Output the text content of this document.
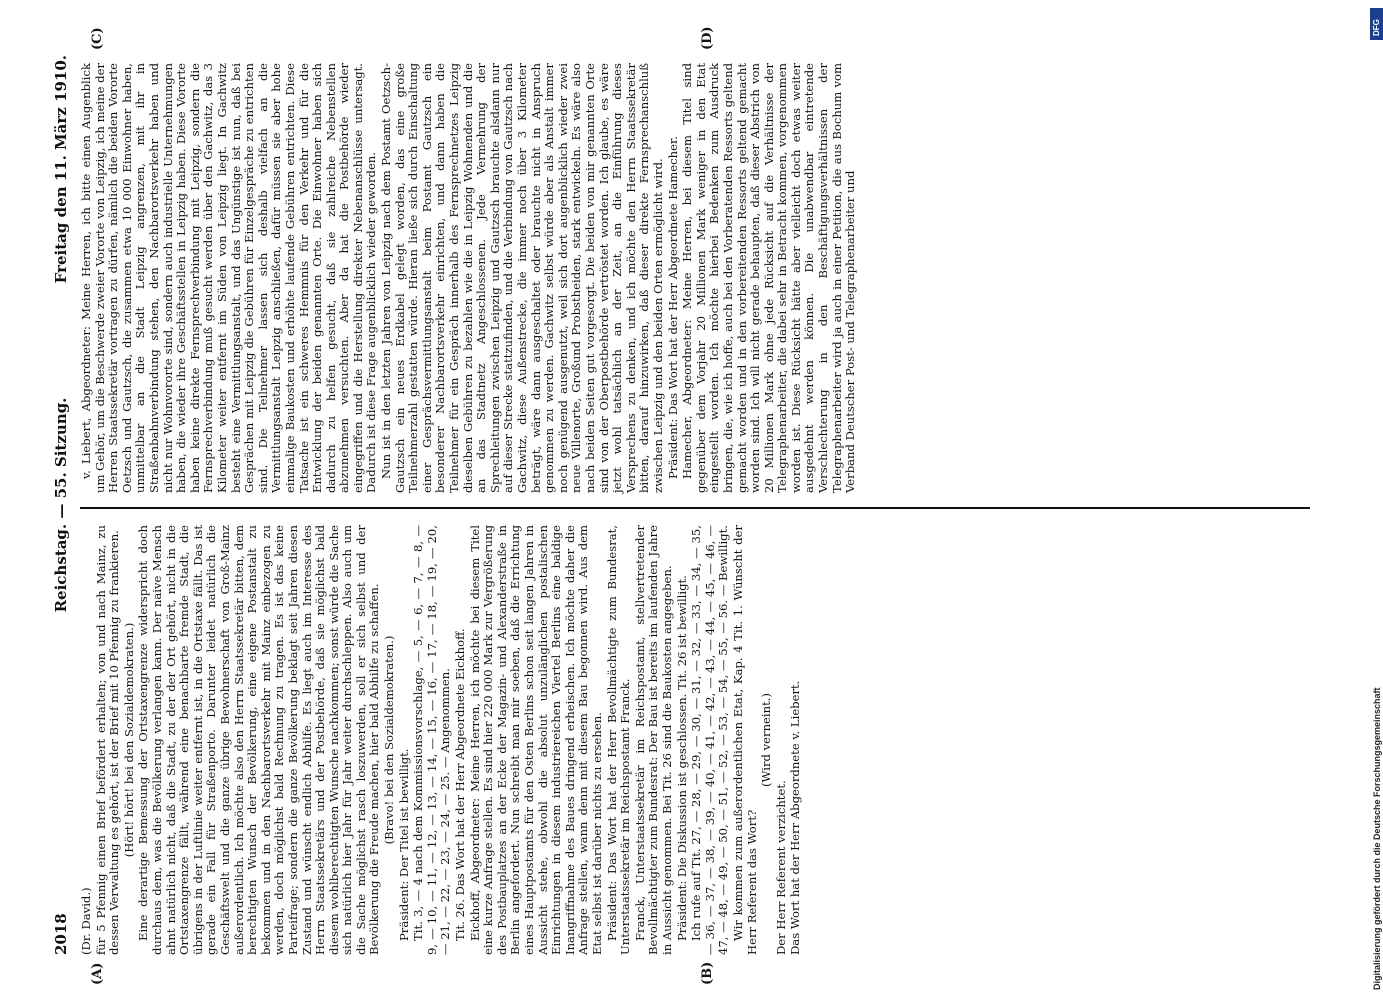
2018
Reichstag. — 55. Sitzung.
Freitag den 11. März 1910.

(Dr. David.) für 5 Pfennig einen Brief befördert erhalten; von und nach Mainz, zu dessen Verwaltung es gehört, ist der Brief mit 10 Pfennig zu frankieren. (Hört! hört! bei den Sozialdemokraten.) Eine derartige Bemessung der Ortstaxengrenze widerspricht doch durchaus dem, was die Bevölkerung verlangen kann. Der naive Mensch ahnt natürlich nicht, daß die Stadt, zu der der Ort gehört, nicht in die Ortstaxengrenze fällt, während eine benachbarte fremde Stadt, die übrigens in der Luftlinie weiter entfernt ist, in die Ortstaxe fällt. Das ist gerade ein Fall für Straßenporto. Darunter leidet natürlich die Geschäftswelt und die ganze übrige Bewohnerschaft von Groß-Mainz außerordentlich. Ich möchte also den Herrn Staatssekretär bitten, dem berechtigten Wunsch der Bevölkerung, eine eigene Postanstalt zu bekommen und in den Nachbarortsverkehr mit Mainz einbezogen zu werden, doch möglichst bald Rechnung zu tragen. Es ist das keine Parteifrage; sondern die ganze Bevölkerung beklagt seit Jahren diesen Zustand und wünscht endlich Abhilfe. Es liegt auch im Interesse des Herrn Staatssekretärs und der Postbehörde, daß sie möglichst bald diesem wohlberechtigten Wunsche nachkommen; sonst würde die Sache sich natürlich hier Jahr für Jahr weiter durchschleppen. Also auch um die Sache möglichst rasch loszuwerden, soll er sich selbst und der Bevölkerung die Freude machen, hier bald Abhilfe zu schaffen. (Bravo! bei den Sozialdemokraten.)

Präsident: Der Titel ist bewilligt. Tit. 3, — 4 nach dem Kommissionsvorschlage, — 5, — 6, — 7, — 8, — 9, — 10, — 11, — 12, — 13, — 14, — 15, — 16, — 17, — 18, — 19, — 20, — 21, — 22, — 23, — 24, — 25. — Angenommen. Tit. 26. Das Wort hat der Herr Abgeordnete Eickhoff. Eickhoff, Abgeordneter: Meine Herren, ich möchte bei diesem Titel eine kurze Anfrage stellen. Es sind hier 220 000 Mark zur Vergrößerung des Postbauplatzes an der Ecke der Magazin- und Alexanderstraße in Berlin angefordert. Nun schreibt man mir soeben, daß die Errichtung eines Hauptpostamts für den Osten Berlins schon seit langen Jahren in Aussicht stehe, obwohl die absolut unzulänglichen postalischen Einrichtungen in diesem industriereichen Viertel Berlins eine baldige Inangriffnahme des Baues dringend erheischen. Ich möchte daher die Anfrage stellen, wann denn mit diesem Bau begonnen wird. Aus dem Etat selbst ist darüber nichts zu ersehen. Präsident: Das Wort hat der Herr Bevollmächtigte zum Bundesrat, Unterstaatssekretär im Reichspostamt Franck. Franck, Unterstaatssekretär im Reichspostamt, stellvertretender Bevollmächtigter zum Bundesrat: Der Bau ist bereits im laufenden Jahre in Aussicht genommen. Bei Tit. 26 sind die Baukosten angegeben. Präsident: Die Diskussion ist geschlossen. Tit. 26 ist bewilligt. Ich rufe auf Tit. 27, — 28, — 29, — 30, — 31, — 32, — 33, — 34, — 35, — 36, — 37, — 38, — 39, — 40, — 41, — 42, — 43, — 44, — 45, — 46, — 47, — 48, — 49, — 50, — 51, — 52, — 53, — 54, — 55, — 56. — Bewilligt. Wir kommen zum außerordentlichen Etat, Kap. 4 Tit. 1. Wünscht der Herr Referent das Wort?

(Wird verneint.)

Der Herr Referent verzichtet. Das Wort hat der Herr Abgeordnete v. Liebert.

v. Liebert, Abgeordneter: Meine Herren, ich bitte einen Augenblick um Gehör, um die Beschwerde zweier Vororte von Leipzig, ich meine der Herren Staatssekretär vortragen zu dürfen, nämlich die beiden Vororte Oetzsch und Gautzsch, die zusammen etwa 10 000 Einwohner haben, unmittelbar an die Stadt Leipzig angrenzen, mit ihr in Straßenbahnverbindung stehen, den Nachbarortsverkehr haben und nicht nur Wohnvororte sind, sondern auch industrielle Unternehmungen haben, die wieder ihre Geschäftsstellen in Leipzig haben. Diese Vororte haben keine direkte Fernsprechverbindung mit Leipzig, sondern die Fernsprechverbindung muß gesucht werden über den Gachwitz, das 3 Kilometer weiter entfernt im Süden von Leipzig liegt. In Gachwitz besteht eine Vermittlungsanstalt, und das Ungünstige ist nun, daß bei Gesprächen mit Leipzig die Gebühren für Einzelgespräche zu entrichten sind. Die Teilnehmer lassen sich deshalb vielfach an die Vermittlungsanstalt Leipzig anschließen, dafür müssen sie aber hohe einmalige Baukosten und erhöhte laufende Gebühren entrichten. Diese Tatsache ist ein schweres Hemmnis für den Verkehr und für die Entwicklung der beiden genannten Orte. Die Einwohner haben sich dadurch zu helfen gesucht, daß sie zahlreiche Nebenstellen abzunehmen versuchten. Aber da hat die Postbehörde wieder eingegriffen und die Herstellung direkter Nebenanschlüsse untersagt. Dadurch ist diese Frage augenblicklich wieder geworden. Nun ist in den letzten Jahren von Leipzig nach dem Postamt Oetzsch-Gautzsch ein neues Erdkabel gelegt worden, das eine große Teilnehmerzahl gestatten würde. Hieran ließe sich durch Einschaltung einer Gesprächsvermittlungsanstalt beim Postamt Gautzsch ein besonderer Nachbarortsverkehr einrichten, und dann haben die Teilnehmer für ein Gespräch innerhalb des Fernsprechnetzes Leipzig dieselben Gebühren zu bezahlen wie die in Leipzig Wohnenden und die an das Stadtnetz Angeschlossenen. Jede Vermehrung der Sprechleitungen zwischen Leipzig und Gautzsch brauchte alsdann nur auf dieser Strecke stattzufinden, und die Verbindung von Gautzsch nach Gachwitz, diese Außenstrecke, die immer noch über 3 Kilometer beträgt, wäre dann ausgeschaltet oder brauchte nicht in Anspruch genommen zu werden. Gachwitz selbst würde aber als Anstalt immer noch genügend ausgenutzt, weil sich dort augenblicklich wieder zwei neue Villenorte, Großund Probstheiden, stark entwickeln. Es wäre also nach beiden Seiten gut vorgesorgt. Die beiden von mir genannten Orte sind von der Oberpostbehörde vertröstet worden. Ich glaube, es wäre jetzt wohl tatsächlich an der Zeit, an die Einführung dieses Versprechens zu denken, und ich möchte den Herrn Staatssekretär bitten, darauf hinzuwirken, daß dieser direkte Fernsprechanschluß zwischen Leipzig und den beiden Orten ermöglicht wird. Präsident: Das Wort hat der Herr Abgeordnete Hamecher. Hamecher, Abgeordneter: Meine Herren, bei diesem Titel sind gegenüber dem Vorjahr 20 Millionen Mark weniger in den Etat eingestellt worden. Ich möchte hierbei Bedenken zum Ausdruck bringen, die, wie ich hoffe, auch bei den Vorberatenden Ressorts geltend gemacht worden und in den vorbereitenden Ressorts geltend gemacht worden sind. Ich will nicht gerade behaupten, daß dieser Abstrich von 20 Millionen Mark ohne jede Rücksicht auf die Verhältnisse der Telegraphenarbeiter, die dabei sehr in Betracht kommen, vorgenommen worden ist. Diese Rücksicht hätte aber vielleicht doch etwas weiter ausgedehnt werden können. Die unabwendbar eintretende Verschlechterung in den Beschäftigungsverhältnissen der Telegraphenarbeiter wird ja auch in einer Petition, die aus Bochum vom Verband Deutscher Post- und Telegraphenarbeiter und

(A)	(B)
(C)	(D)	DFG
Digitalisierung gefördert durch die Deutsche Forschungsgemeinschaft
